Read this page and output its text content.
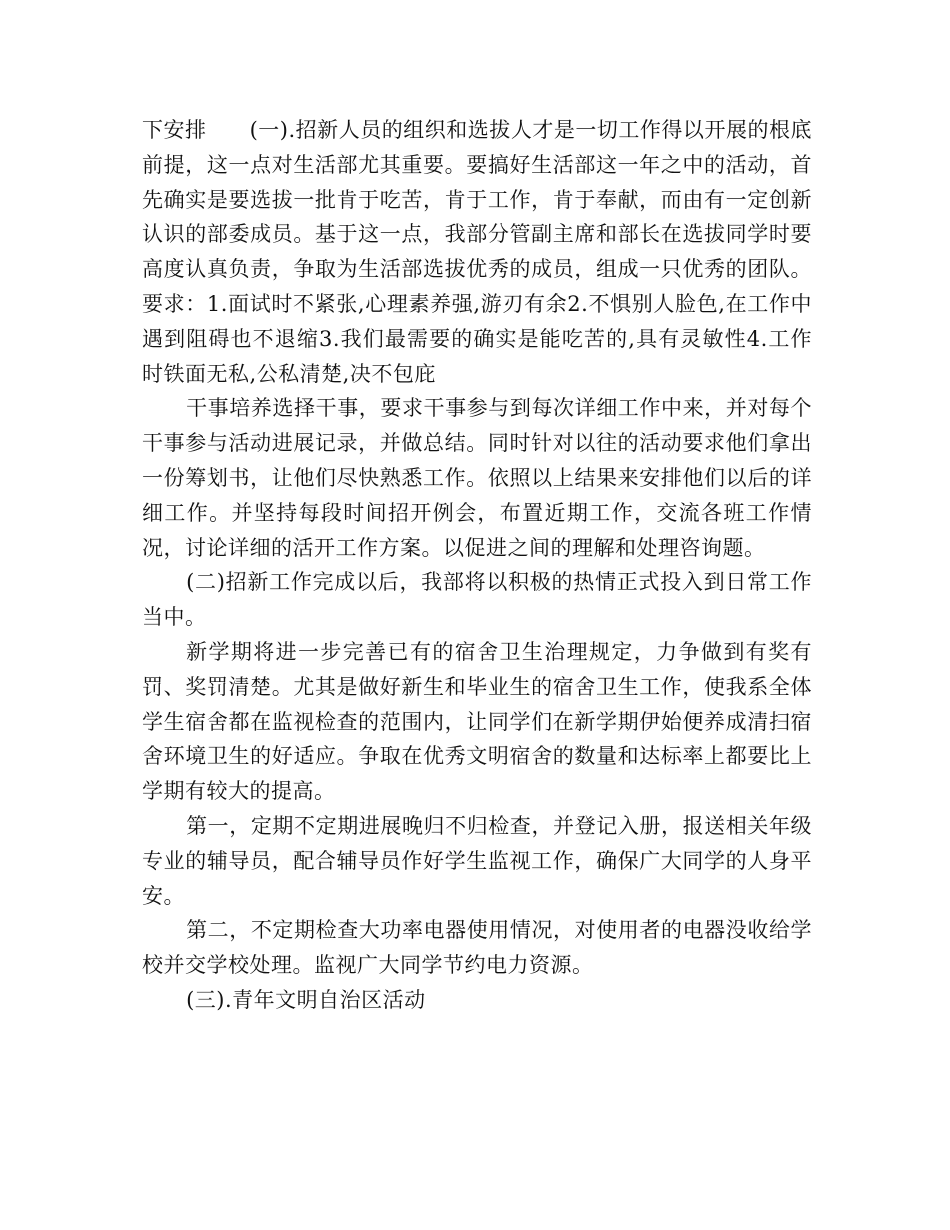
下安排　　(一).招新人员的组织和选拔人才是一切工作得以开展的根底前提，这一点对生活部尤其重要。要搞好生活部这一年之中的活动，首先确实是要选拔一批肯于吃苦，肯于工作，肯于奉献，而由有一定创新认识的部委成员。基于这一点，我部分管副主席和部长在选拔同学时要高度认真负责，争取为生活部选拔优秀的成员，组成一只优秀的团队。要求：1.面试时不紧张,心理素养强,游刃有余2.不惧别人脸色,在工作中遇到阻碍也不退缩3.我们最需要的确实是能吃苦的,具有灵敏性4.工作时铁面无私,公私清楚,决不包庇

干事培养选择干事，要求干事参与到每次详细工作中来，并对每个干事参与活动进展记录，并做总结。同时针对以往的活动要求他们拿出一份筹划书，让他们尽快熟悉工作。依照以上结果来安排他们以后的详细工作。并坚持每段时间招开例会，布置近期工作，交流各班工作情况，讨论详细的活开工作方案。以促进之间的理解和处理咨询题。

(二)招新工作完成以后，我部将以积极的热情正式投入到日常工作当中。

新学期将进一步完善已有的宿舍卫生治理规定，力争做到有奖有罚、奖罚清楚。尤其是做好新生和毕业生的宿舍卫生工作，使我系全体学生宿舍都在监视检查的范围内，让同学们在新学期伊始便养成清扫宿舍环境卫生的好适应。争取在优秀文明宿舍的数量和达标率上都要比上学期有较大的提高。

第一，定期不定期进展晚归不归检查，并登记入册，报送相关年级专业的辅导员，配合辅导员作好学生监视工作，确保广大同学的人身平安。

第二，不定期检查大功率电器使用情况，对使用者的电器没收给学校并交学校处理。监视广大同学节约电力资源。

(三).青年文明自治区活动
